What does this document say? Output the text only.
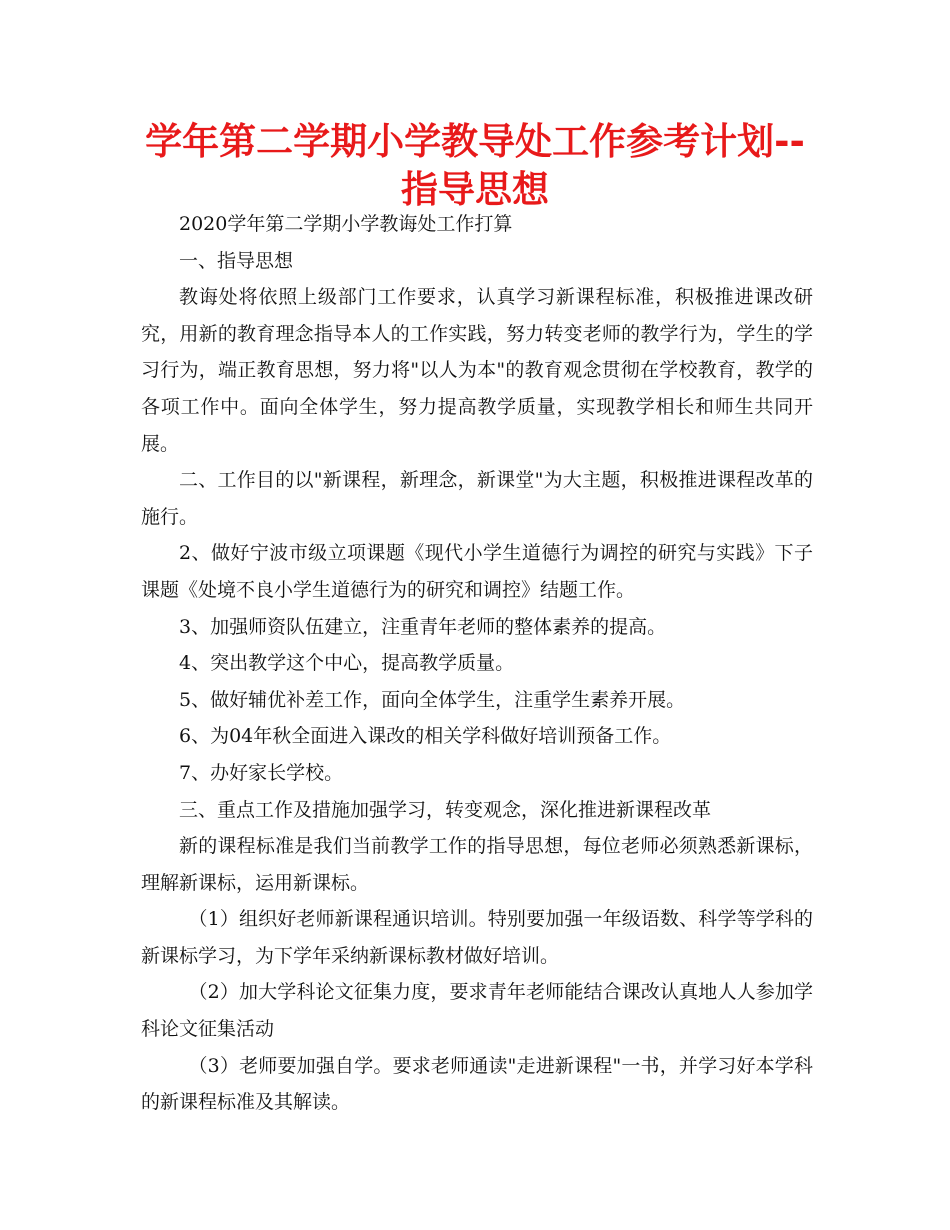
学年第二学期小学教导处工作参考计划--
指导思想

2020学年第二学期小学教诲处工作打算

一、指导思想

教诲处将依照上级部门工作要求，认真学习新课程标准，积极推进课改研究，用新的教育理念指导本人的工作实践，努力转变老师的教学行为，学生的学习行为，端正教育思想，努力将"以人为本"的教育观念贯彻在学校教育，教学的各项工作中。面向全体学生，努力提高教学质量，实现教学相长和师生共同开展。

二、工作目的以"新课程，新理念，新课堂"为大主题，积极推进课程改革的施行。

2、做好宁波市级立项课题《现代小学生道德行为调控的研究与实践》下子课题《处境不良小学生道德行为的研究和调控》结题工作。

3、加强师资队伍建立，注重青年老师的整体素养的提高。

4、突出教学这个中心，提高教学质量。

5、做好辅优补差工作，面向全体学生，注重学生素养开展。

6、为04年秋全面进入课改的相关学科做好培训预备工作。

7、办好家长学校。

三、重点工作及措施加强学习，转变观念，深化推进新课程改革

新的课程标准是我们当前教学工作的指导思想，每位老师必须熟悉新课标，理解新课标，运用新课标。

（1）组织好老师新课程通识培训。特别要加强一年级语数、科学等学科的新课标学习，为下学年采纳新课标教材做好培训。

（2）加大学科论文征集力度，要求青年老师能结合课改认真地人人参加学科论文征集活动

（3）老师要加强自学。要求老师通读"走进新课程"一书，并学习好本学科的新课程标准及其解读。
